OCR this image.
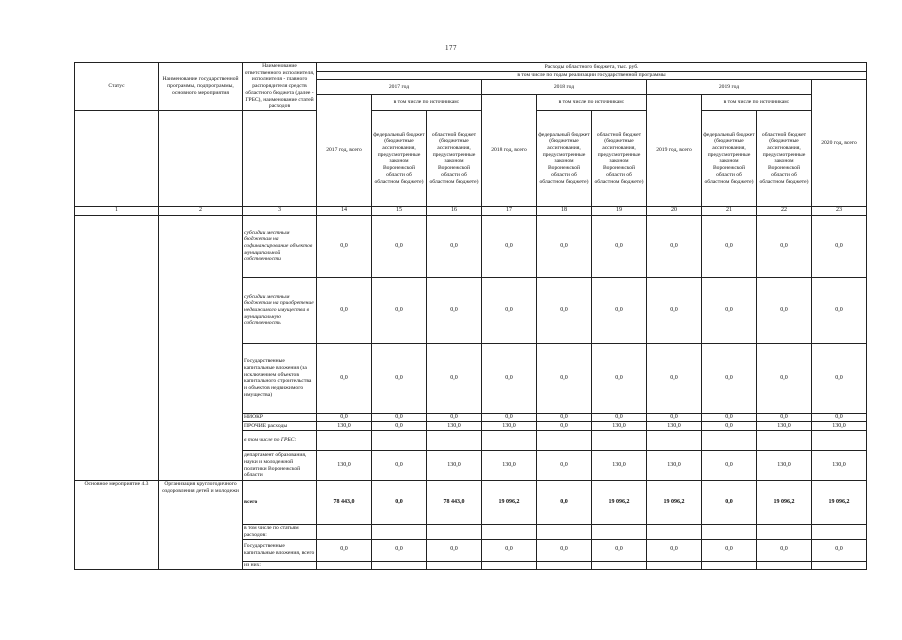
177
Статус	Наименование государственной программы, подпрограммы, основного мероприятия	Наименование ответственного исполнителя, исполнителя - главного распорядителя средств областного бюджета (далее - ГРБС), наименование статей расходов	Расходы областного бюджета, тыс. руб.									
			в том числе по годам реализации государственной программы									
			2017 год			2018 год			2019 год			2020 год, всего
			2017 год, всего	в том числе по источникам:		2018 год, всего	в том числе по источникам:		2019 год, всего	в том числе по источникам:		
				федеральный бюджет (бюджетные ассигнования, предусмотренные законом Воронежской области об областном бюджете)	областной бюджет (бюджетные ассигнования, предусмотренные законом Воронежской области об областном бюджете)		федеральный бюджет (бюджетные ассигнования, предусмотренные законом Воронежской области об областном бюджете)	областной бюджет (бюджетные ассигнования, предусмотренные законом Воронежской области об областном бюджете)		федеральный бюджет (бюджетные ассигнования, предусмотренные законом Воронежской области об областном бюджете)	областной бюджет (бюджетные ассигнования, предусмотренные законом Воронежской области об областном бюджете)	
1	2	3	14	15	16	17	18	19	20	21	22	23
		субсидии местным бюджетам на софинансирование объектов муниципальной собственности	0,0	0,0	0,0	0,0	0,0	0,0	0,0	0,0	0,0	0,0
		субсидии местным бюджетам на приобретение недвижимого имущества в муниципальную собственность	0,0	0,0	0,0	0,0	0,0	0,0	0,0	0,0	0,0	0,0
		Государственные капитальные вложения (за исключением объектов капитального строительства и объектов недвижимого имущества)	0,0	0,0	0,0	0,0	0,0	0,0	0,0	0,0	0,0	0,0
		НИОКР	0,0	0,0	0,0	0,0	0,0	0,0	0,0	0,0	0,0	0,0
		ПРОЧИЕ расходы	130,0	0,0	130,0	130,0	0,0	130,0	130,0	0,0	130,0	130,0
		в том числе по ГРБС:										
		департамент образования, науки и молодежной политики Воронежской области	130,0	0,0	130,0	130,0	0,0	130,0	130,0	0,0	130,0	130,0
Основное мероприятие 4.3	Организация круглогодичного оздоровления детей и молодежи	всего	78 443,0	0,0	78 443,0	19 096,2	0,0	19 096,2	19 096,2	0,0	19 096,2	19 096,2
		в том числе по статьям расходов:										
		Государственные капитальные вложения, всего	0,0	0,0	0,0	0,0	0,0	0,0	0,0	0,0	0,0	0,0
		из них:										
